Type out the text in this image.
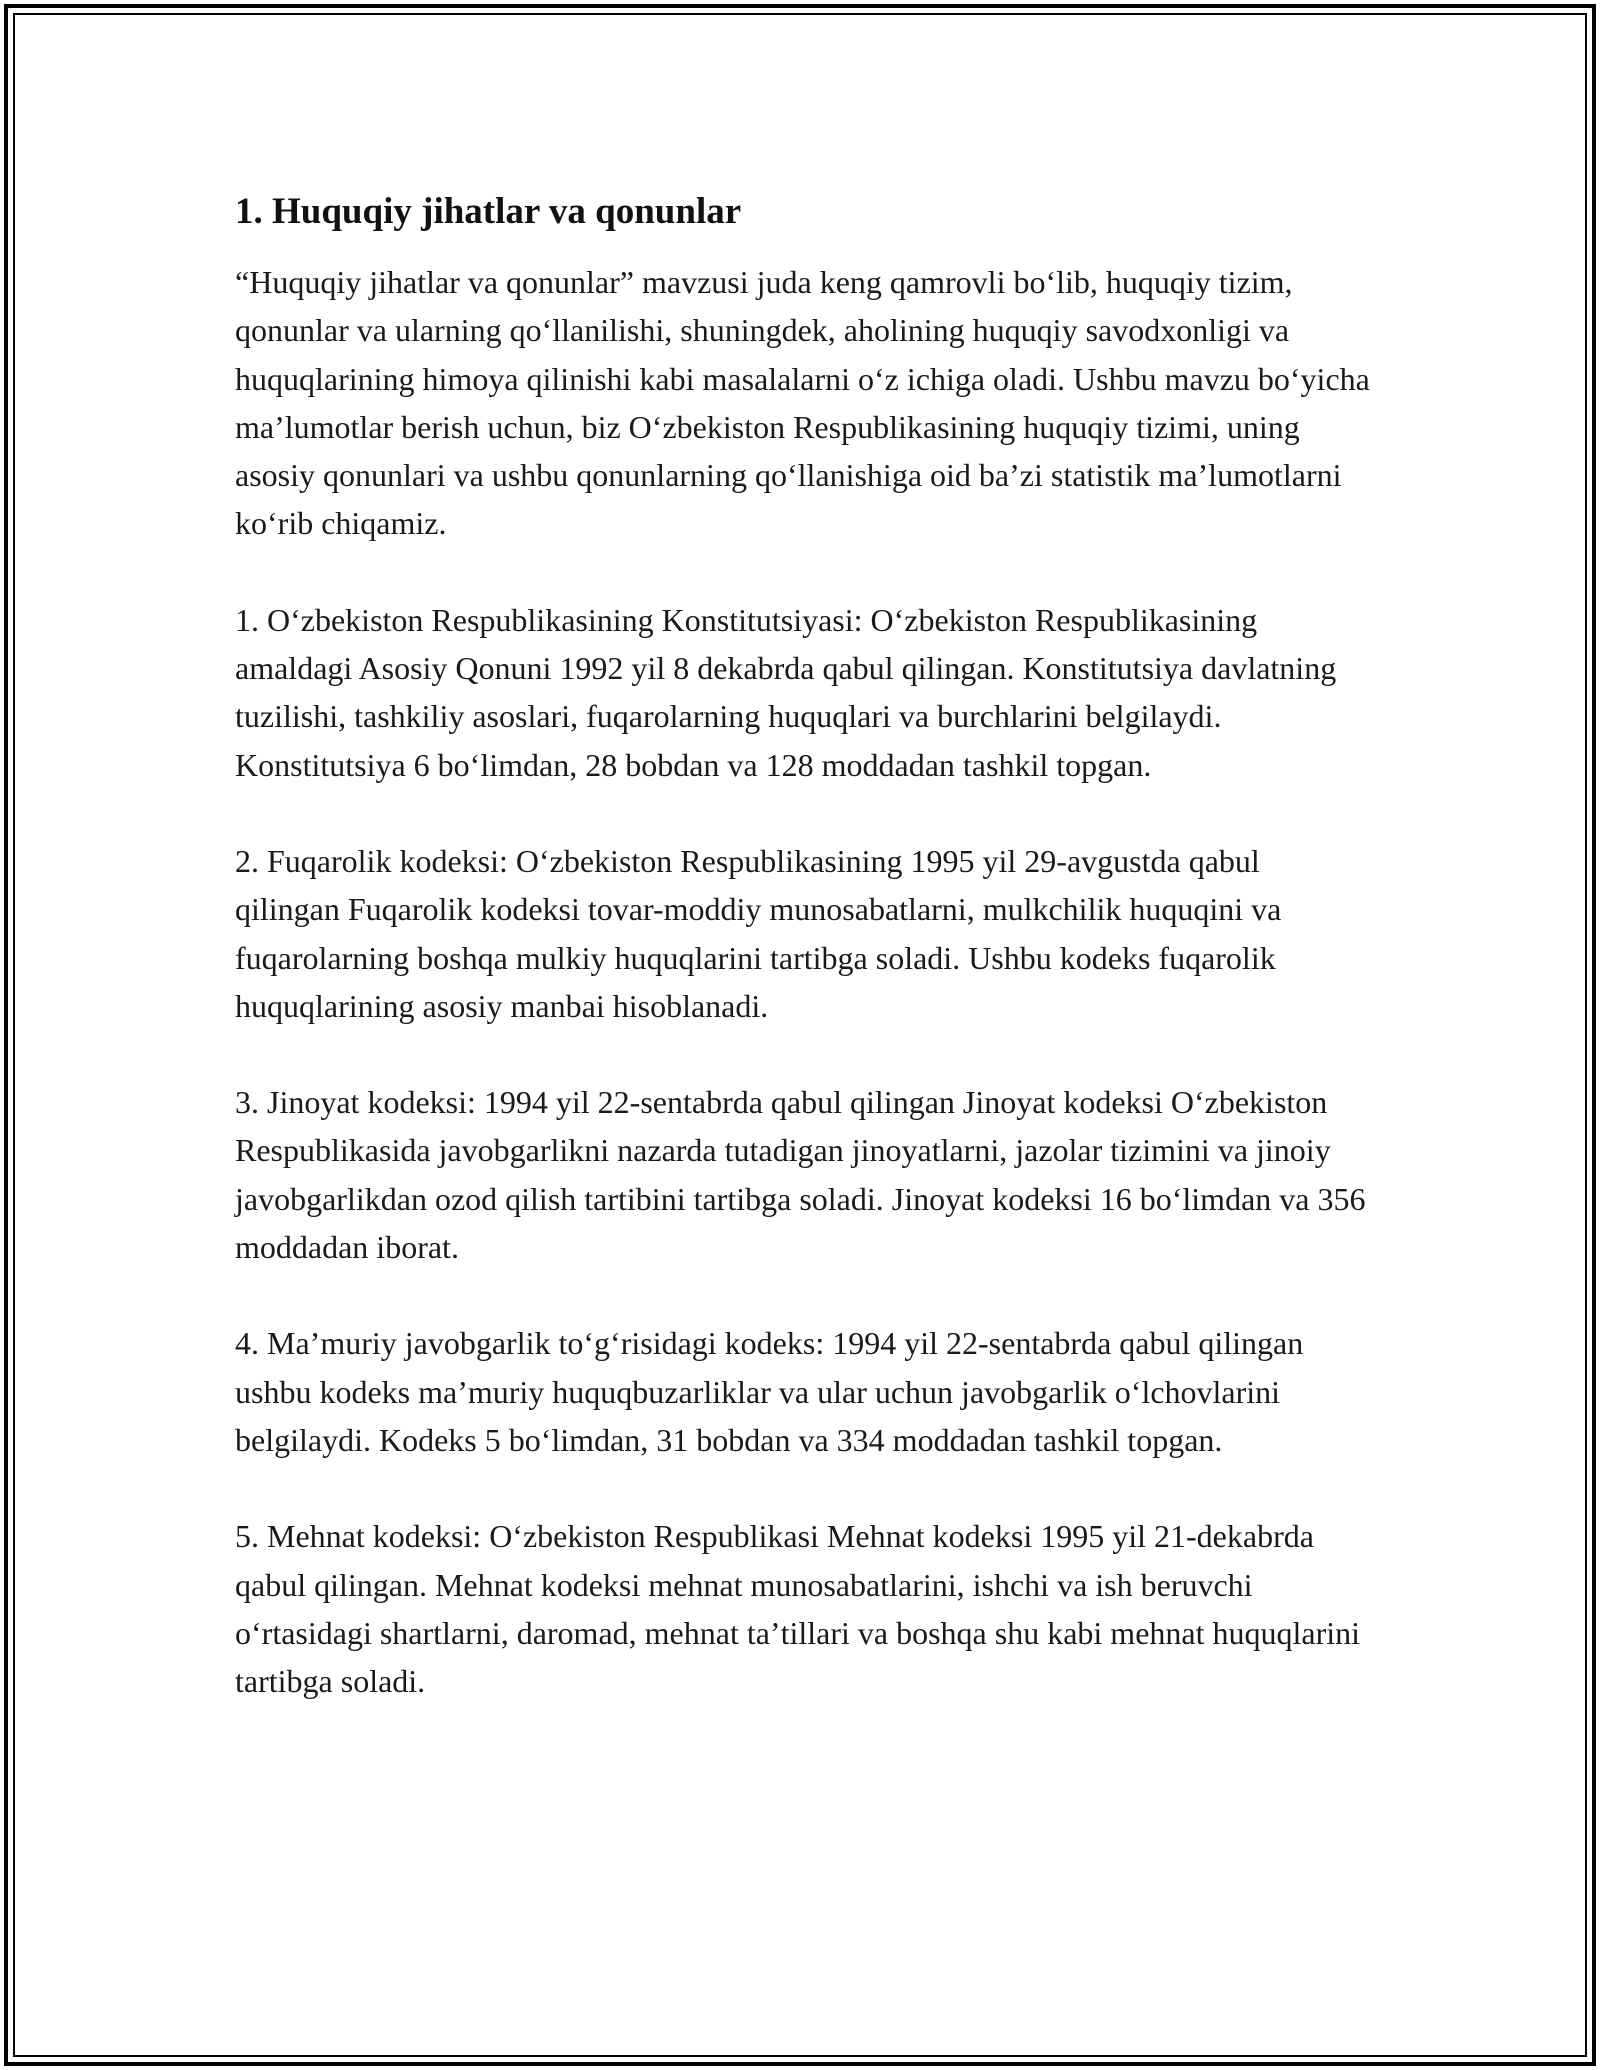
1. Huquqiy jihatlar va qonunlar

“Huquqiy jihatlar va qonunlar” mavzusi juda keng qamrovli boʻlib, huquqiy tizim, qonunlar va ularning qoʻllanilishi, shuningdek, aholining huquqiy savodxonligi va huquqlarining himoya qilinishi kabi masalalarni oʻz ichiga oladi. Ushbu mavzu boʻyicha maʼlumotlar berish uchun, biz Oʻzbekiston Respublikasining huquqiy tizimi, uning asosiy qonunlari va ushbu qonunlarning qoʻllanishiga oid baʼzi statistik maʼlumotlarni koʻrib chiqamiz.

1. Oʻzbekiston Respublikasining Konstitutsiyasi: Oʻzbekiston Respublikasining amaldagi Asosiy Qonuni 1992 yil 8 dekabrda qabul qilingan. Konstitutsiya davlatning tuzilishi, tashkiliy asoslari, fuqarolarning huquqlari va burchlarini belgilaydi. Konstitutsiya 6 boʻlimdan, 28 bobdan va 128 moddadan tashkil topgan.

2. Fuqarolik kodeksi: Oʻzbekiston Respublikasining 1995 yil 29-avgustda qabul qilingan Fuqarolik kodeksi tovar-moddiy munosabatlarni, mulkchilik huquqini va fuqarolarning boshqa mulkiy huquqlarini tartibga soladi. Ushbu kodeks fuqarolik huquqlarining asosiy manbai hisoblanadi.

3. Jinoyat kodeksi: 1994 yil 22-sentabrda qabul qilingan Jinoyat kodeksi Oʻzbekiston Respublikasida javobgarlikni nazarda tutadigan jinoyatlarni, jazolar tizimini va jinoiy javobgarlikdan ozod qilish tartibini tartibga soladi. Jinoyat kodeksi 16 boʻlimdan va 356 moddadan iborat.

4. Maʼmuriy javobgarlik toʻgʻrisidagi kodeks: 1994 yil 22-sentabrda qabul qilingan ushbu kodeks maʼmuriy huquqbuzarliklar va ular uchun javobgarlik oʻlchovlarini belgilaydi. Kodeks 5 boʻlimdan, 31 bobdan va 334 moddadan tashkil topgan.

5. Mehnat kodeksi: Oʻzbekiston Respublikasi Mehnat kodeksi 1995 yil 21-dekabrda qabul qilingan. Mehnat kodeksi mehnat munosabatlarini, ishchi va ish beruvchi oʻrtasidagi shartlarni, daromad, mehnat taʼtillari va boshqa shu kabi mehnat huquqlarini tartibga soladi.
